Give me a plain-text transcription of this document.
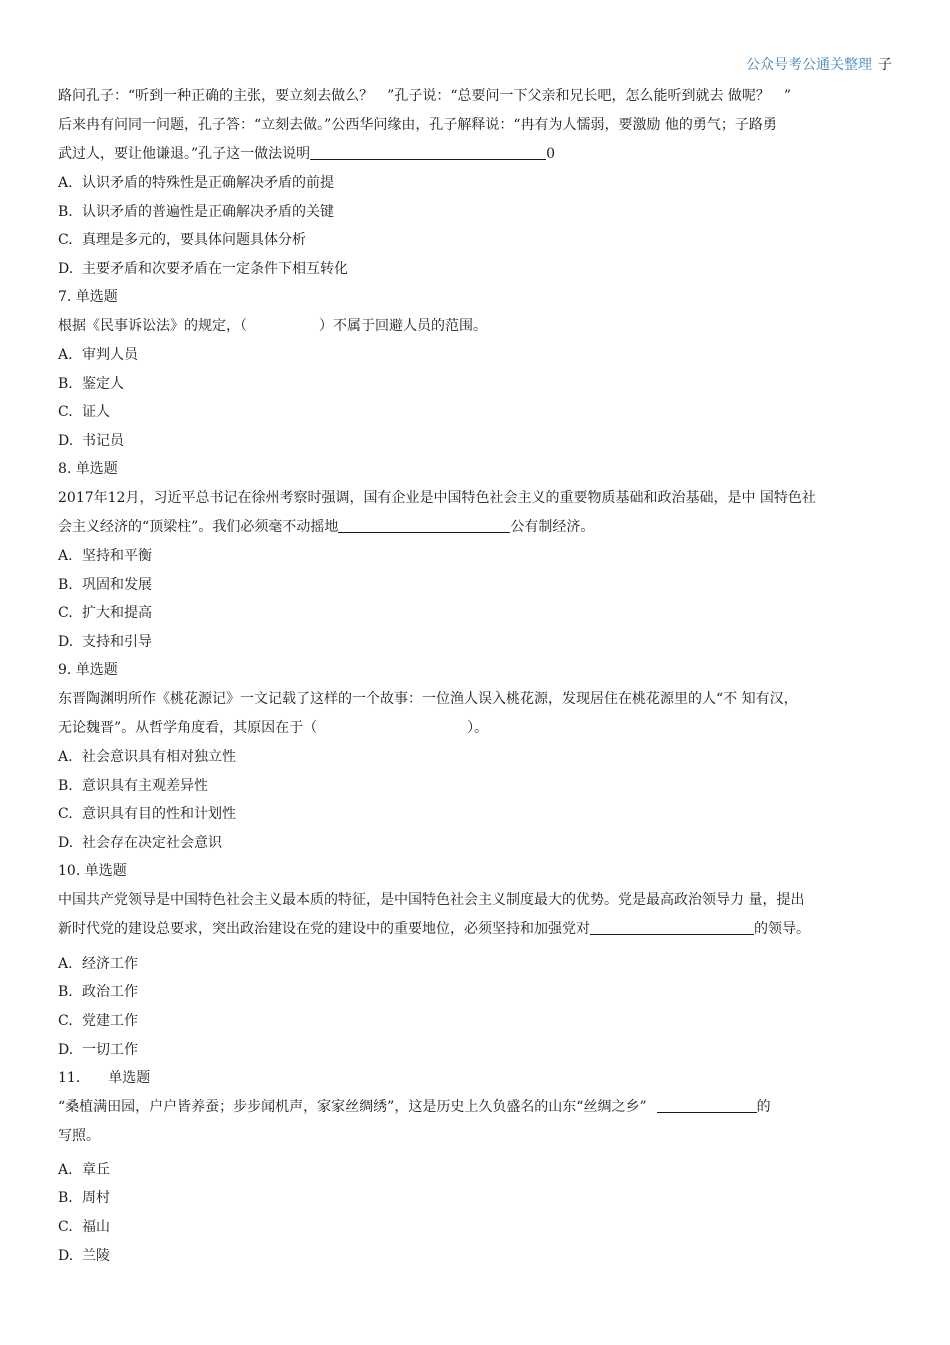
公众号考公通关整理 子
路问孔子：“听到一种正确的主张，要立刻去做么？　”孔子说：“总要问一下父亲和兄长吧，怎么能听到就去 做呢？　”
后来冉有问同一问题，孔子答：“立刻去做。”公西华问缘由，孔子解释说：“冉有为人懦弱，要激励 他的勇气；子路勇
武过人，要让他谦退。”孔子这一做法说明	0
A. 认识矛盾的特殊性是正确解决矛盾的前提
B. 认识矛盾的普遍性是正确解决矛盾的关键
C. 真理是多元的，要具体问题具体分析
D. 主要矛盾和次要矛盾在一定条件下相互转化
7. 单选题
根据《民事诉讼法》的规定，（	）不属于回避人员的范围。
A. 审判人员
B. 鉴定人
C. 证人
D. 书记员
8. 单选题
2017年12月，习近平总书记在徐州考察时强调，国有企业是中国特色社会主义的重要物质基础和政治基础，是中 国特色社
会主义经济的“顶梁柱”。我们必须毫不动摇地	公有制经济。
A. 坚持和平衡
B. 巩固和发展
C. 扩大和提高
D. 支持和引导
9. 单选题
东晋陶渊明所作《桃花源记》一文记载了这样的一个故事：一位渔人误入桃花源，发现居住在桃花源里的人“不 知有汉，
无论魏晋”。从哲学角度看，其原因在于（	）。
A. 社会意识具有相对独立性
B. 意识具有主观差异性
C. 意识具有目的性和计划性
D. 社会存在决定社会意识
10. 单选题
中国共产党领导是中国特色社会主义最本质的特征，是中国特色社会主义制度最大的优势。党是最高政治领导力 量，提出
新时代党的建设总要求，突出政治建设在党的建设中的重要地位，必须坚持和加强党对	的领导。
A. 经济工作
B. 政治工作
C. 党建工作
D. 一切工作
11. 单选题
“桑植满田园，户户皆养蚕；步步闻机声，家家丝绸绣”，这是历史上久负盛名的山东“丝绸之乡”	的
写照。
A. 章丘
B. 周村
C. 福山
D. 兰陵
